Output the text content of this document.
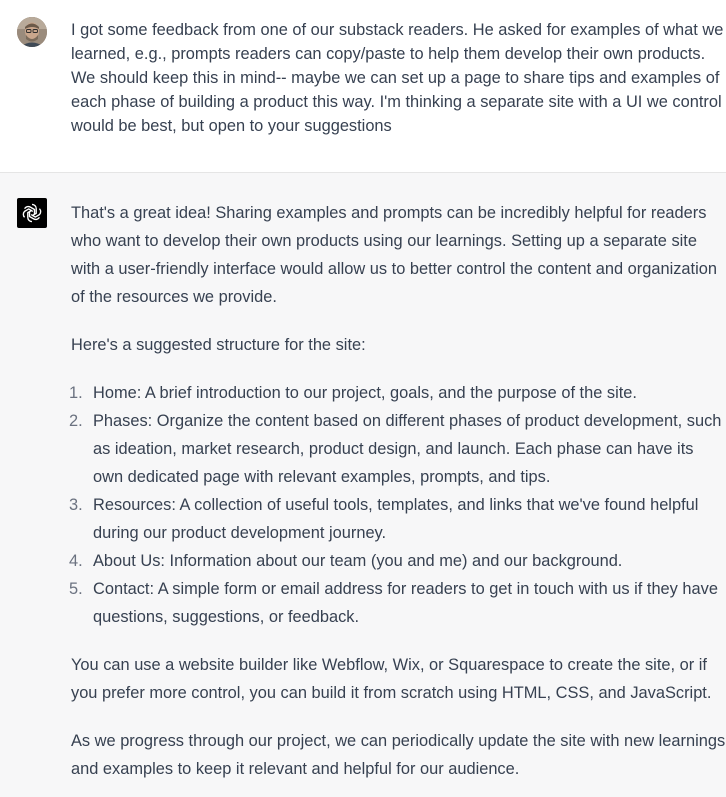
I got some feedback from one of our substack readers. He asked for examples of what we learned, e.g., prompts readers can copy/paste to help them develop their own products. We should keep this in mind-- maybe we can set up a page to share tips and examples of each phase of building a product this way. I'm thinking a separate site with a UI we control would be best, but open to your suggestions

That's a great idea! Sharing examples and prompts can be incredibly helpful for readers who want to develop their own products using our learnings. Setting up a separate site with a user-friendly interface would allow us to better control the content and organization of the resources we provide.

Here's a suggested structure for the site:

1. Home: A brief introduction to our project, goals, and the purpose of the site.
2. Phases: Organize the content based on different phases of product development, such as ideation, market research, product design, and launch. Each phase can have its own dedicated page with relevant examples, prompts, and tips.
3. Resources: A collection of useful tools, templates, and links that we've found helpful during our product development journey.
4. About Us: Information about our team (you and me) and our background.
5. Contact: A simple form or email address for readers to get in touch with us if they have questions, suggestions, or feedback.

You can use a website builder like Webflow, Wix, or Squarespace to create the site, or if you prefer more control, you can build it from scratch using HTML, CSS, and JavaScript.

As we progress through our project, we can periodically update the site with new learnings and examples to keep it relevant and helpful for our audience.
